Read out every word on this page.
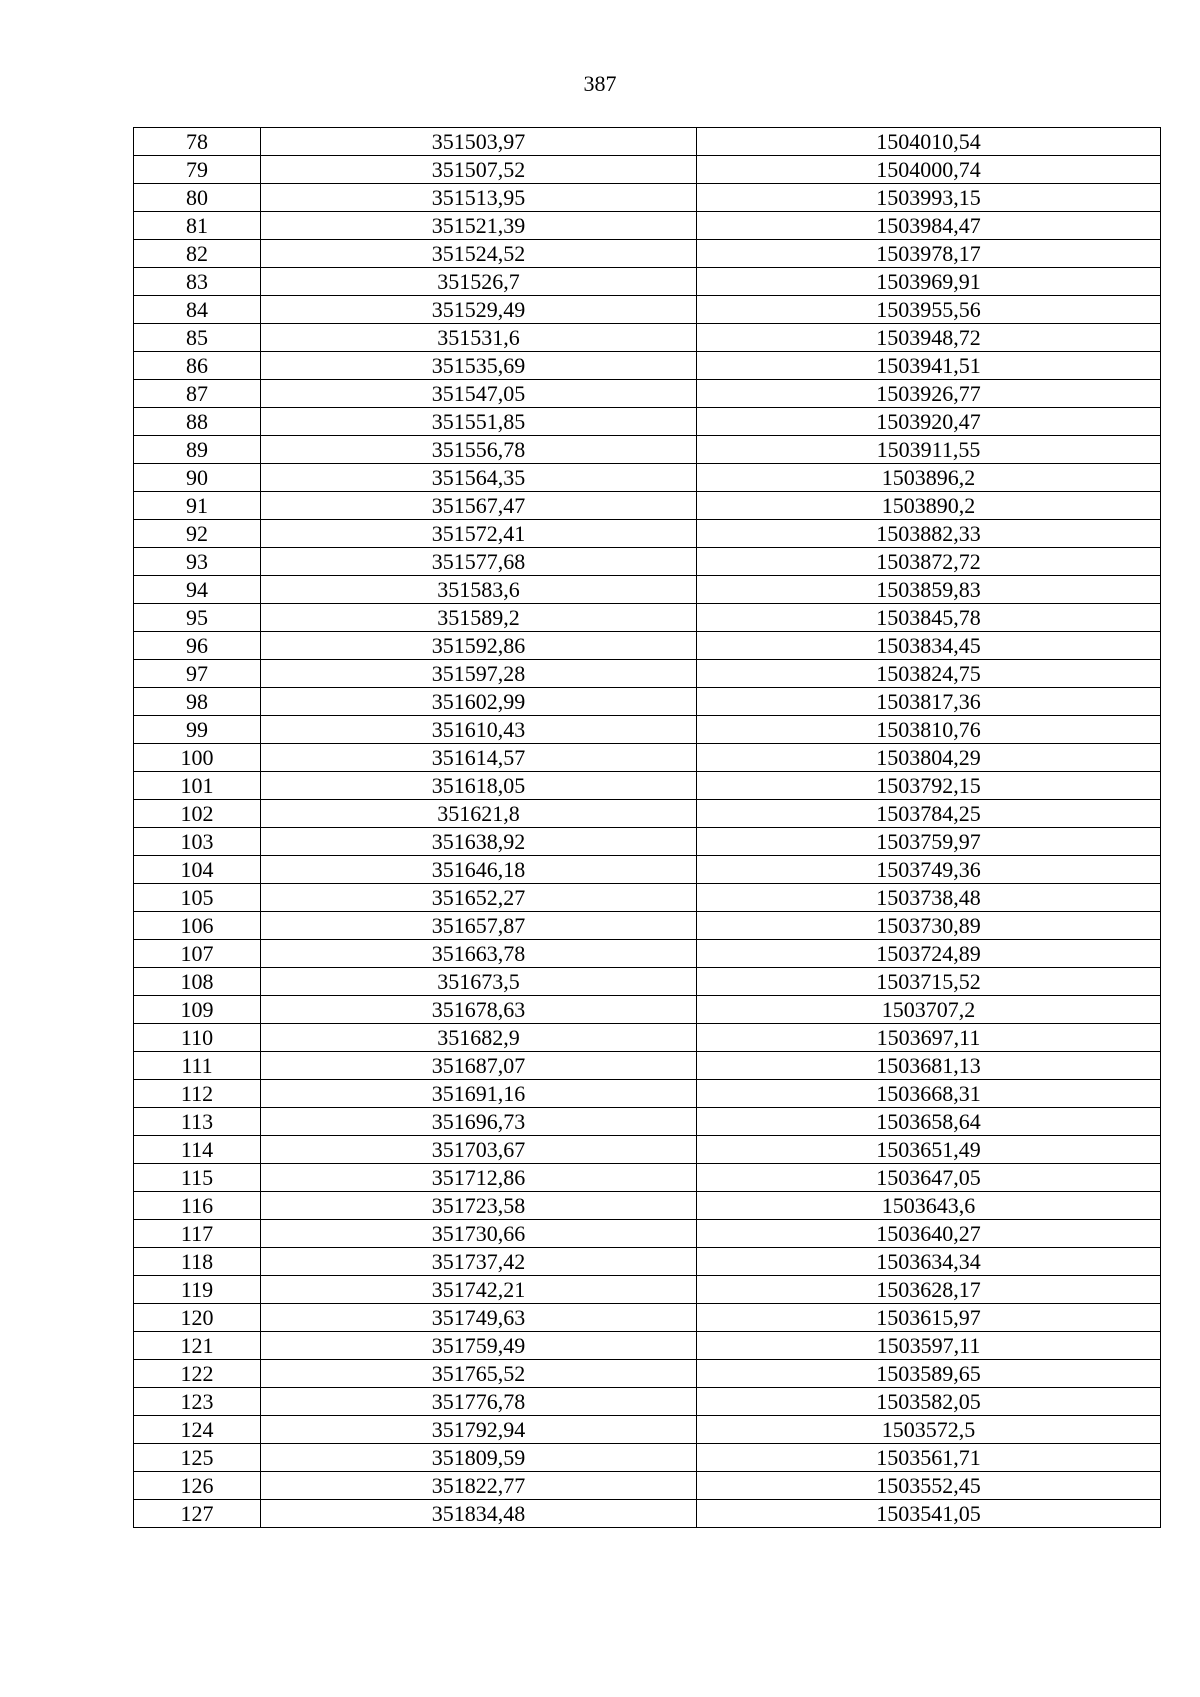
387
78	351503,97	1504010,54
79	351507,52	1504000,74
80	351513,95	1503993,15
81	351521,39	1503984,47
82	351524,52	1503978,17
83	351526,7	1503969,91
84	351529,49	1503955,56
85	351531,6	1503948,72
86	351535,69	1503941,51
87	351547,05	1503926,77
88	351551,85	1503920,47
89	351556,78	1503911,55
90	351564,35	1503896,2
91	351567,47	1503890,2
92	351572,41	1503882,33
93	351577,68	1503872,72
94	351583,6	1503859,83
95	351589,2	1503845,78
96	351592,86	1503834,45
97	351597,28	1503824,75
98	351602,99	1503817,36
99	351610,43	1503810,76
100	351614,57	1503804,29
101	351618,05	1503792,15
102	351621,8	1503784,25
103	351638,92	1503759,97
104	351646,18	1503749,36
105	351652,27	1503738,48
106	351657,87	1503730,89
107	351663,78	1503724,89
108	351673,5	1503715,52
109	351678,63	1503707,2
110	351682,9	1503697,11
111	351687,07	1503681,13
112	351691,16	1503668,31
113	351696,73	1503658,64
114	351703,67	1503651,49
115	351712,86	1503647,05
116	351723,58	1503643,6
117	351730,66	1503640,27
118	351737,42	1503634,34
119	351742,21	1503628,17
120	351749,63	1503615,97
121	351759,49	1503597,11
122	351765,52	1503589,65
123	351776,78	1503582,05
124	351792,94	1503572,5
125	351809,59	1503561,71
126	351822,77	1503552,45
127	351834,48	1503541,05
